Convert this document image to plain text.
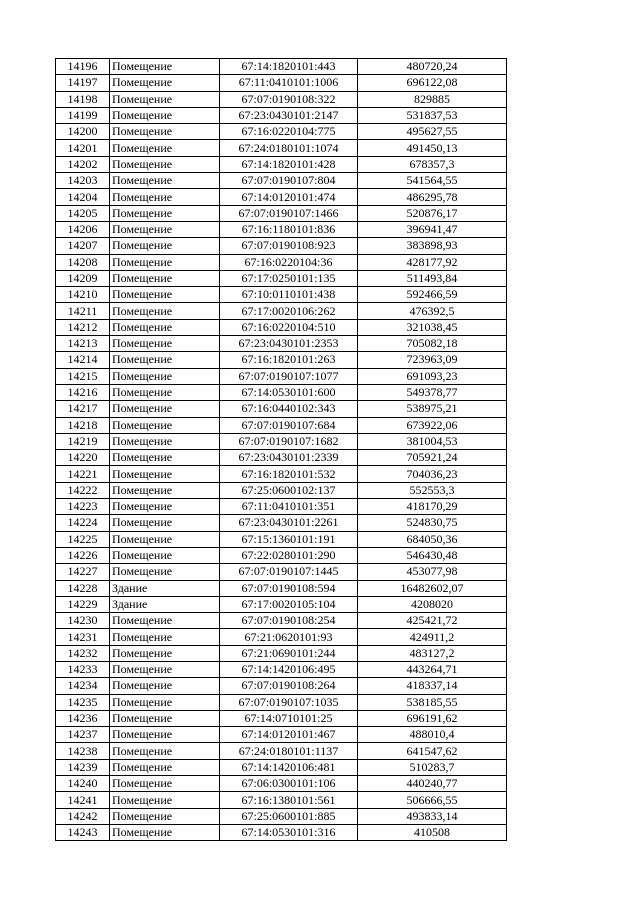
14196	Помещение	67:14:1820101:443	480720,24
14197	Помещение	67:11:0410101:1006	696122,08
14198	Помещение	67:07:0190108:322	829885
14199	Помещение	67:23:0430101:2147	531837,53
14200	Помещение	67:16:0220104:775	495627,55
14201	Помещение	67:24:0180101:1074	491450,13
14202	Помещение	67:14:1820101:428	678357,3
14203	Помещение	67:07:0190107:804	541564,55
14204	Помещение	67:14:0120101:474	486295,78
14205	Помещение	67:07:0190107:1466	520876,17
14206	Помещение	67:16:1180101:836	396941,47
14207	Помещение	67:07:0190108:923	383898,93
14208	Помещение	67:16:0220104:36	428177,92
14209	Помещение	67:17:0250101:135	511493,84
14210	Помещение	67:10:0110101:438	592466,59
14211	Помещение	67:17:0020106:262	476392,5
14212	Помещение	67:16:0220104:510	321038,45
14213	Помещение	67:23:0430101:2353	705082,18
14214	Помещение	67:16:1820101:263	723963,09
14215	Помещение	67:07:0190107:1077	691093,23
14216	Помещение	67:14:0530101:600	549378,77
14217	Помещение	67:16:0440102:343	538975,21
14218	Помещение	67:07:0190107:684	673922,06
14219	Помещение	67:07:0190107:1682	381004,53
14220	Помещение	67:23:0430101:2339	705921,24
14221	Помещение	67:16:1820101:532	704036,23
14222	Помещение	67:25:0600102:137	552553,3
14223	Помещение	67:11:0410101:351	418170,29
14224	Помещение	67:23:0430101:2261	524830,75
14225	Помещение	67:15:1360101:191	684050,36
14226	Помещение	67:22:0280101:290	546430,48
14227	Помещение	67:07:0190107:1445	453077,98
14228	Здание	67:07:0190108:594	16482602,07
14229	Здание	67:17:0020105:104	4208020
14230	Помещение	67:07:0190108:254	425421,72
14231	Помещение	67:21:0620101:93	424911,2
14232	Помещение	67:21:0690101:244	483127,2
14233	Помещение	67:14:1420106:495	443264,71
14234	Помещение	67:07:0190108:264	418337,14
14235	Помещение	67:07:0190107:1035	538185,55
14236	Помещение	67:14:0710101:25	696191,62
14237	Помещение	67:14:0120101:467	488010,4
14238	Помещение	67:24:0180101:1137	641547,62
14239	Помещение	67:14:1420106:481	510283,7
14240	Помещение	67:06:0300101:106	440240,77
14241	Помещение	67:16:1380101:561	506666,55
14242	Помещение	67:25:0600101:885	493833,14
14243	Помещение	67:14:0530101:316	410508
